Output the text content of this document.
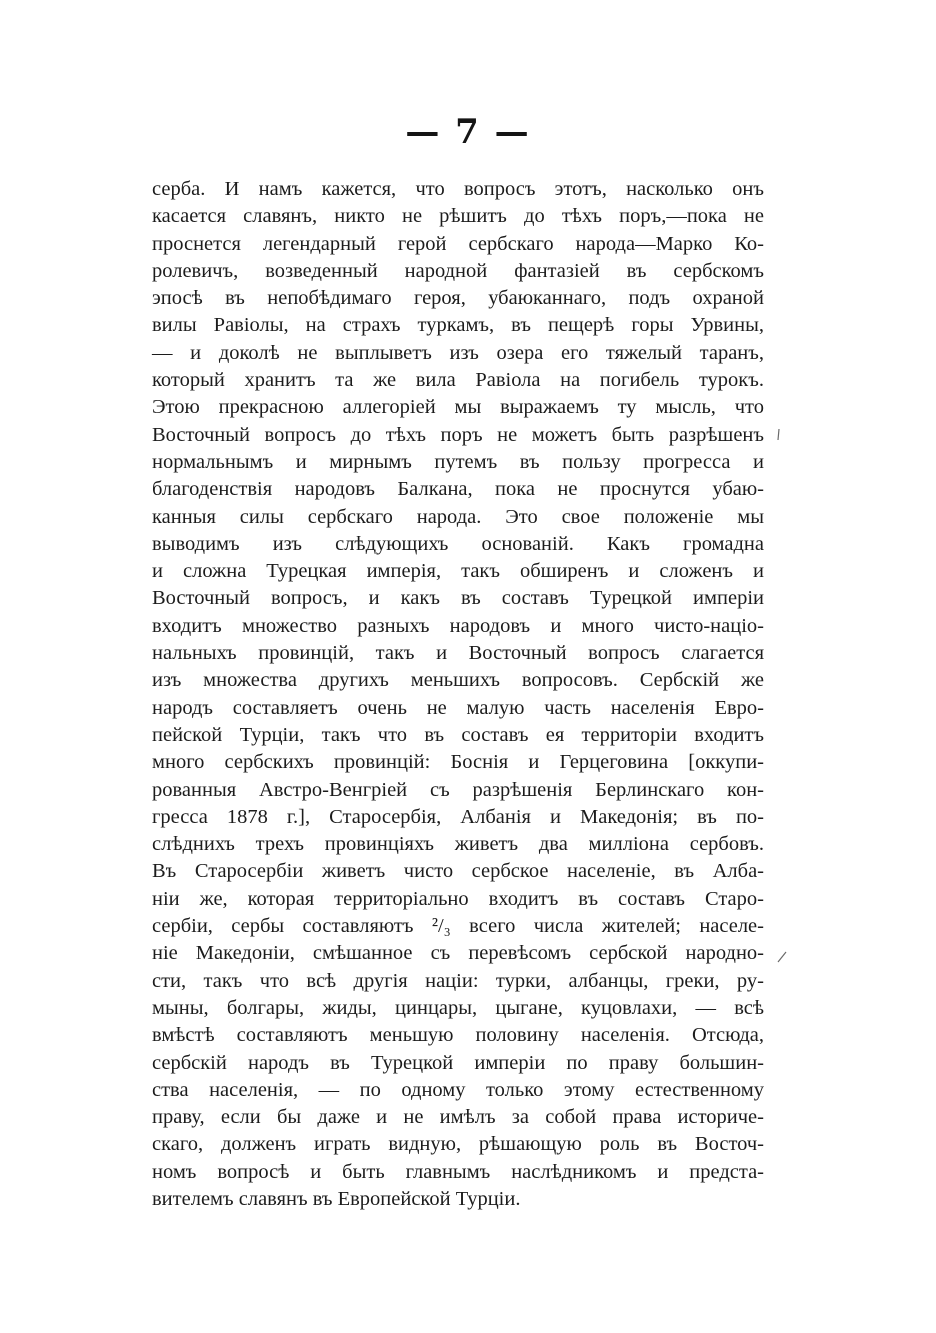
— 7 —
серба. И намъ кажется, что вопросъ этотъ, насколько онъ
касается славянъ, никто не рѣшитъ до тѣхъ поръ,—пока не
проснется легендарный герой сербскаго народа—Марко Ко-
ролевичъ, возведенный народной фантазіей въ сербскомъ
эпосѣ въ непобѣдимаго героя, убаюканнаго, подъ охраной
вилы Равіолы, на страхъ туркамъ, въ пещерѣ горы Урвины,
— и доколѣ не выплыветъ изъ озера его тяжелый таранъ,
который хранитъ та же вила Равіола на погибель турокъ.
Этою прекрасною аллегоріей мы выражаемъ ту мысль, что
Восточный вопросъ до тѣхъ поръ не можетъ быть разрѣшенъ
нормальнымъ и мирнымъ путемъ въ пользу прогресса и
благоденствія народовъ Балкана, пока не проснутся убаю-
канныя силы сербскаго народа. Это свое положеніе мы
выводимъ изъ слѣдующихъ основаній. Какъ громадна
и сложна Турецкая имперія, такъ обширенъ и сложенъ и
Восточный вопросъ, и какъ въ составъ Турецкой имперіи
входитъ множество разныхъ народовъ и много чисто-націо-
нальныхъ провинцій, такъ и Восточный вопросъ слагается
изъ множества другихъ меньшихъ вопросовъ. Сербскій же
народъ составляетъ очень не малую часть населенія Евро-
пейской Турціи, такъ что въ составъ ея территоріи входитъ
много сербскихъ провинцій: Боснія и Герцеговина [оккупи-
рованныя Австро-Венгріей съ разрѣшенія Берлинскаго кон-
гресса 1878 г.], Старосербія, Албанія и Македонія; въ по-
слѣднихъ трехъ провинціяхъ живетъ два милліона сербовъ.
Въ Старосербіи живетъ чисто сербское населеніе, въ Алба-
ніи же, которая территоріально входитъ въ составъ Старо-
сербіи, сербы составляютъ ²/₃ всего числа жителей; населе-
ніе Македоніи, смѣшанное съ перевѣсомъ сербской народно-
сти, такъ что всѣ другія націи: турки, албанцы, греки, ру-
мыны, болгары, жиды, цинцары, цыгане, куцовлахи, — всѣ
вмѣстѣ составляютъ меньшую половину населенія. Отсюда,
сербскій народъ въ Турецкой имперіи по праву большин-
ства населенія, — по одному только этому естественному
праву, если бы даже и не имѣлъ за собой права историче-
скаго, долженъ играть видную, рѣшающую роль въ Восточ-
номъ вопросѣ и быть главнымъ наслѣдникомъ и предста-
вителемъ славянъ въ Европейской Турціи.
